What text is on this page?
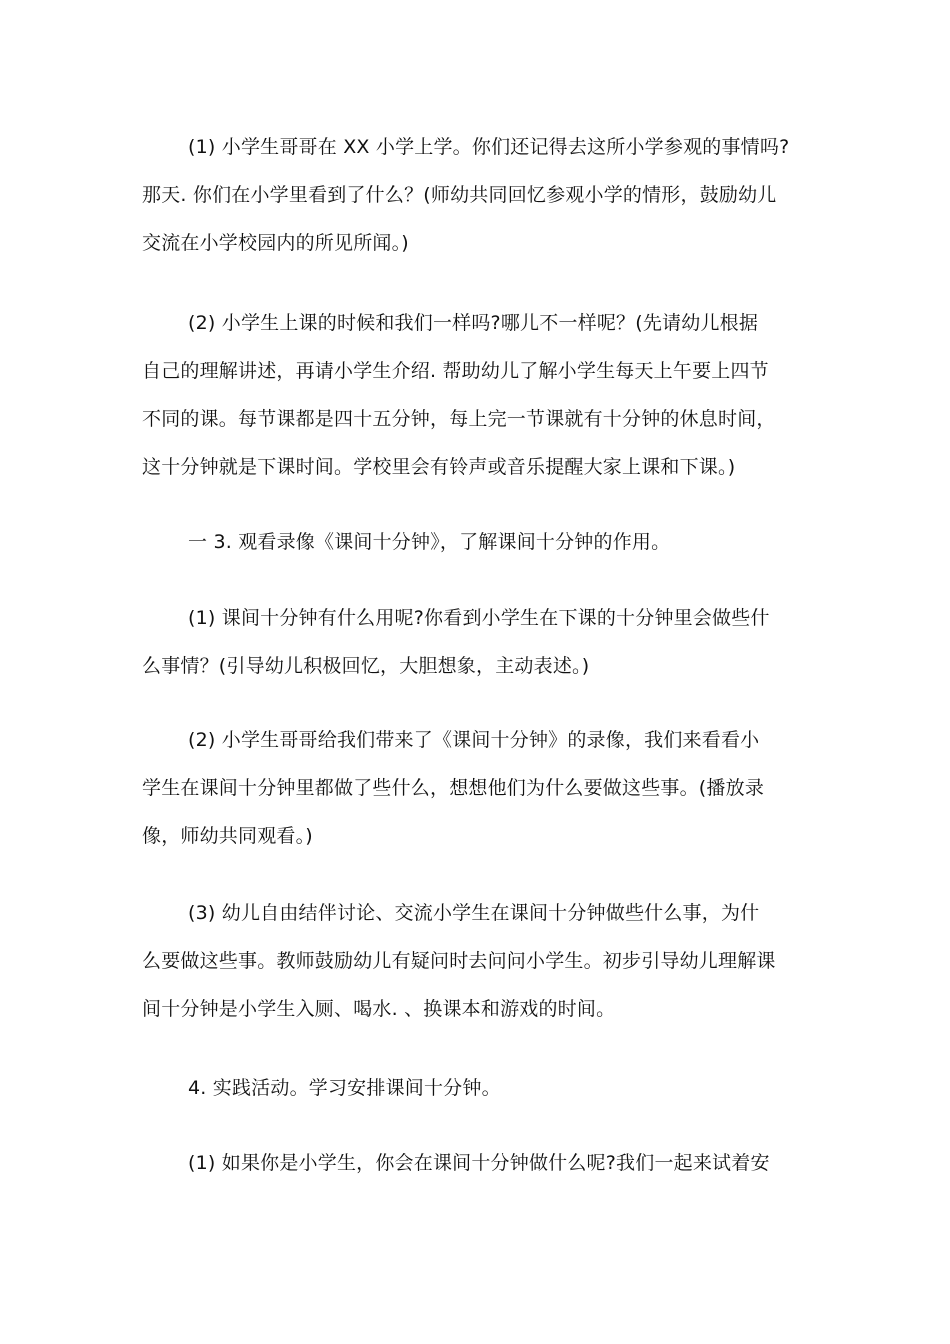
(1) 小学生哥哥在 XX 小学上学。你们还记得去这所小学参观的事情吗?
那天. 你们在小学里看到了什么？(师幼共同回忆参观小学的情形，鼓励幼儿
交流在小学校园内的所见所闻。)
(2) 小学生上课的时候和我们一样吗?哪儿不一样呢？(先请幼儿根据
自己的理解讲述，再请小学生介绍. 帮助幼儿了解小学生每天上午要上四节
不同的课。每节课都是四十五分钟，每上完一节课就有十分钟的休息时间，
这十分钟就是下课时间。学校里会有铃声或音乐提醒大家上课和下课。)
一 3. 观看录像《课间十分钟》，了解课间十分钟的作用。
(1) 课间十分钟有什么用呢?你看到小学生在下课的十分钟里会做些什
么事情？(引导幼儿积极回忆，大胆想象，主动表述。)
(2) 小学生哥哥给我们带来了《课间十分钟》的录像，我们来看看小
学生在课间十分钟里都做了些什么，想想他们为什么要做这些事。(播放录
像，师幼共同观看。)
(3) 幼儿自由结伴讨论、交流小学生在课间十分钟做些什么事，为什
么要做这些事。教师鼓励幼儿有疑问时去问问小学生。初步引导幼儿理解课
间十分钟是小学生入厕、喝水. 、换课本和游戏的时间。
4. 实践活动。学习安排课间十分钟。
(1) 如果你是小学生，你会在课间十分钟做什么呢?我们一起来试着安
